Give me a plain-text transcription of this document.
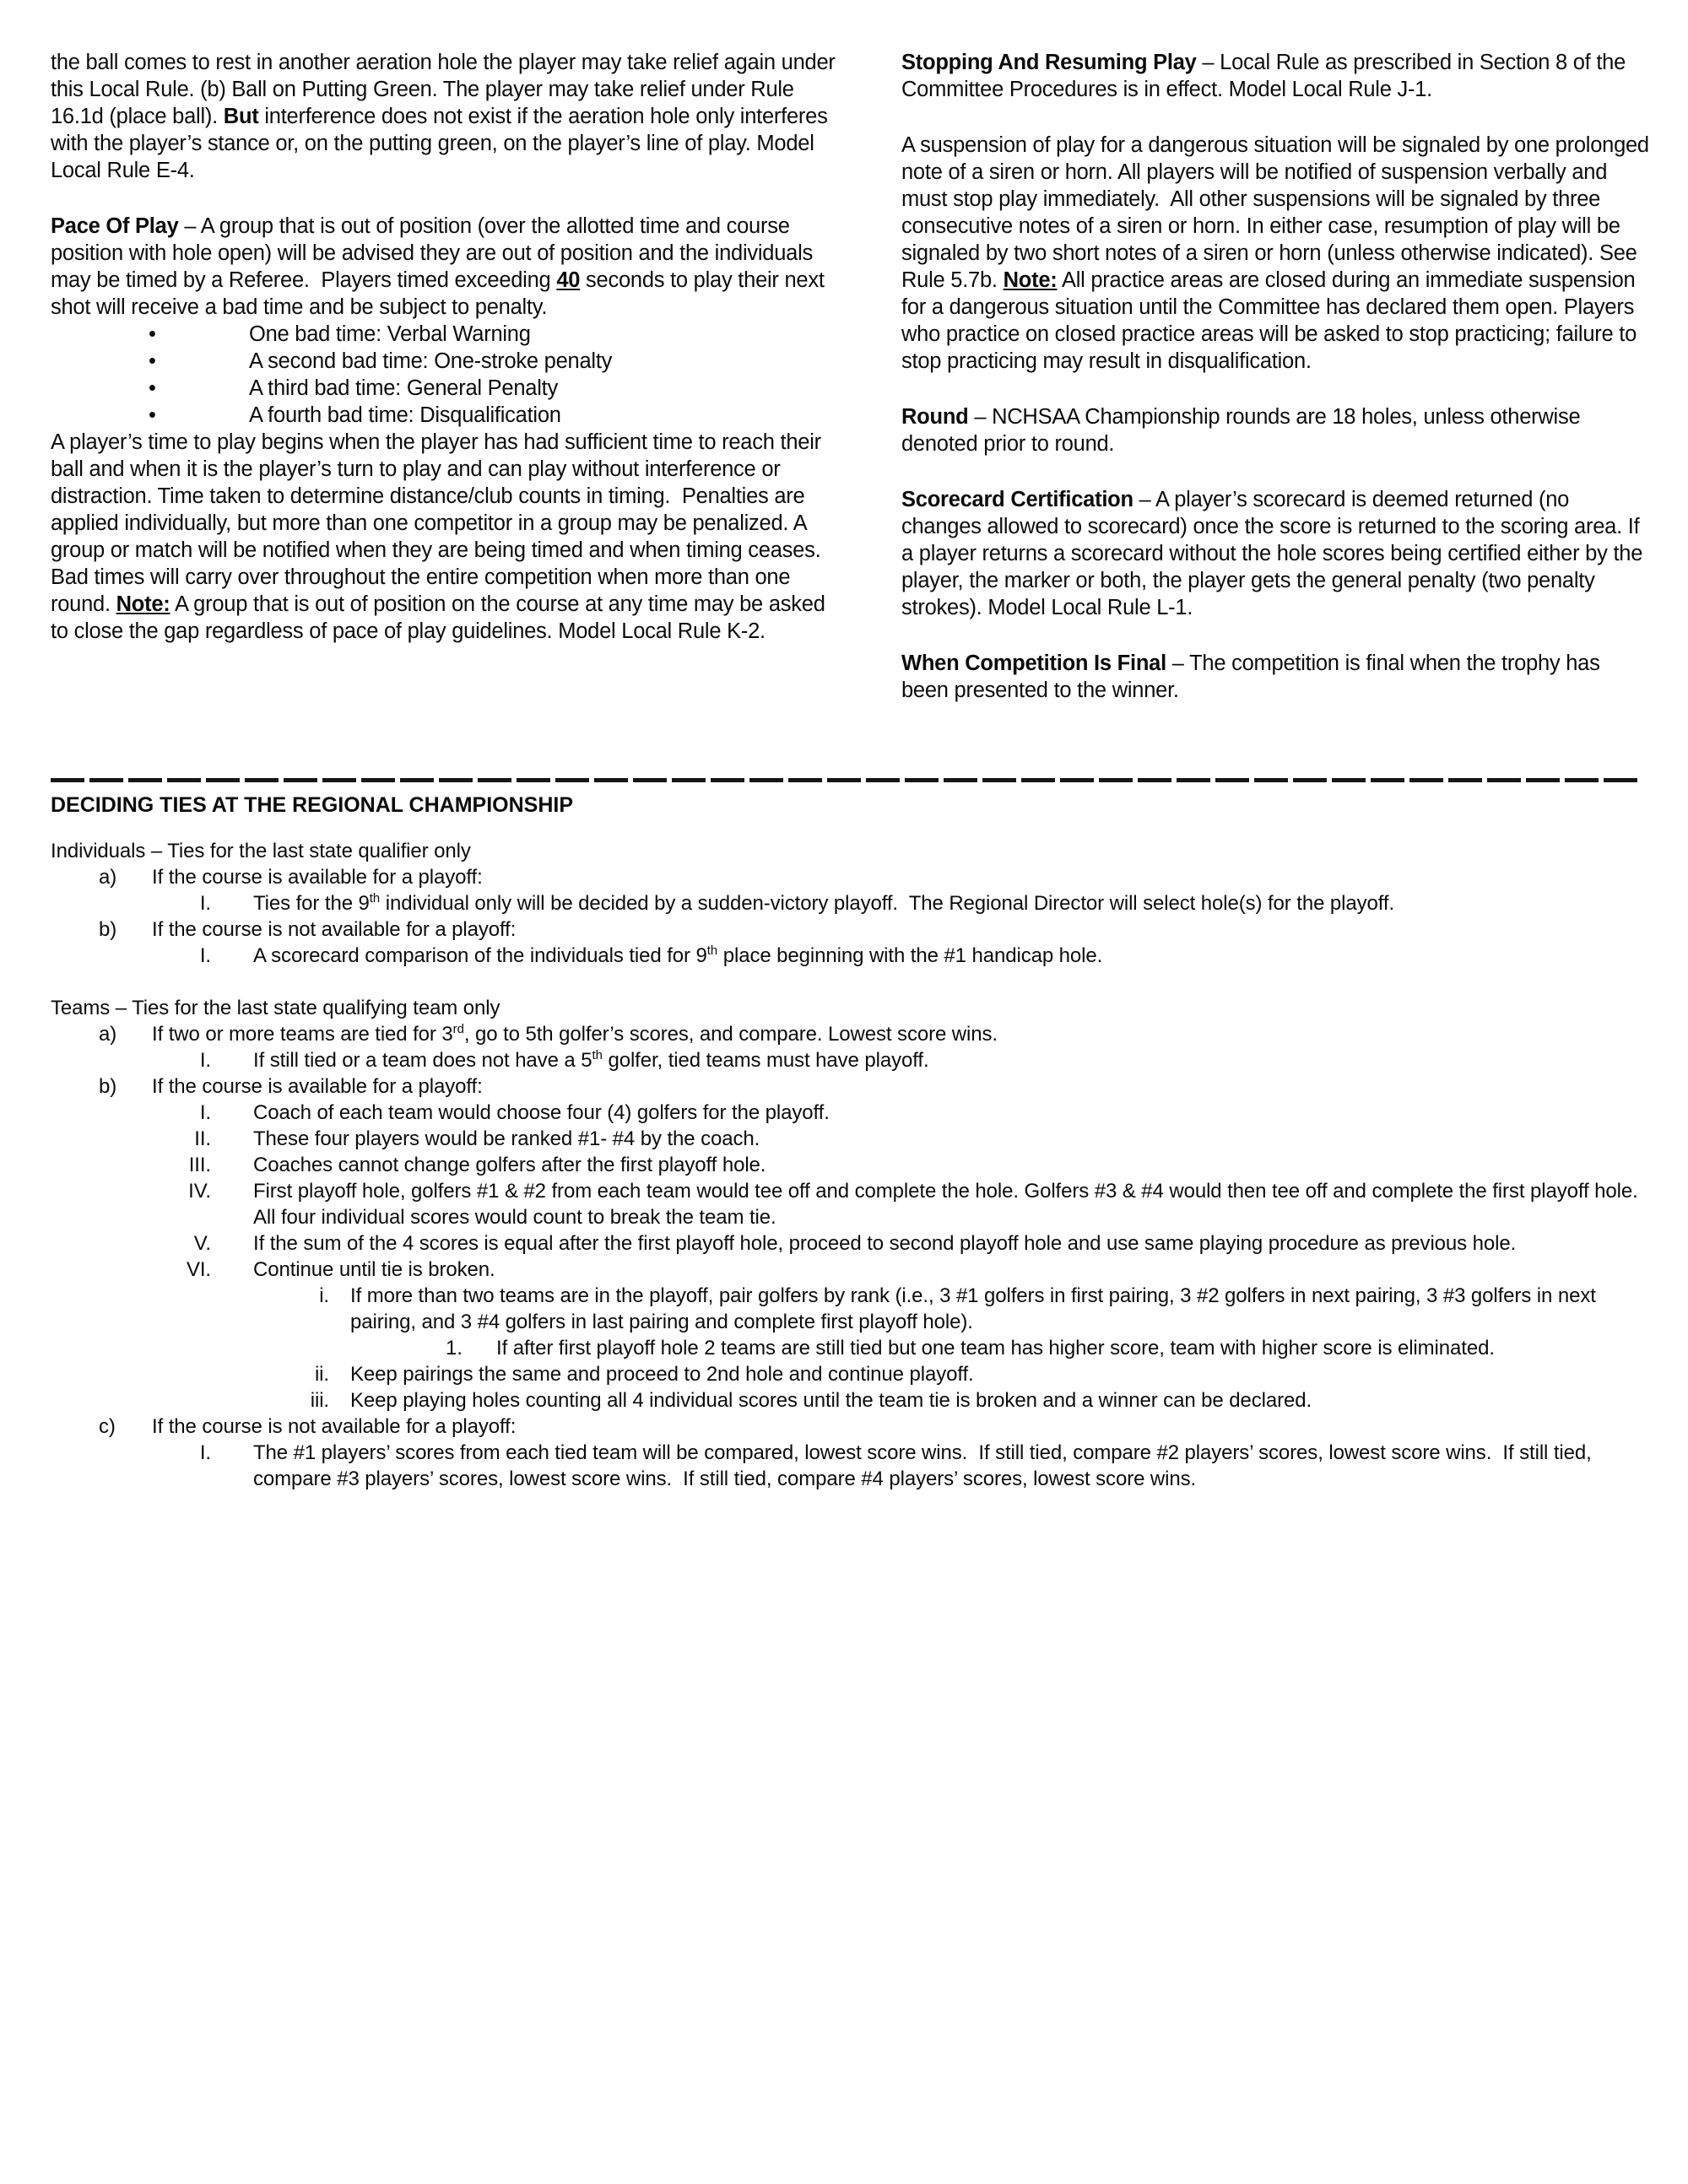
the ball comes to rest in another aeration hole the player may take relief again under this Local Rule. (b) Ball on Putting Green. The player may take relief under Rule 16.1d (place ball). But interference does not exist if the aeration hole only interferes with the player’s stance or, on the putting green, on the player’s line of play. Model Local Rule E-4.
Pace Of Play – A group that is out of position (over the allotted time and course position with hole open) will be advised they are out of position and the individuals may be timed by a Referee.  Players timed exceeding 40 seconds to play their next shot will receive a bad time and be subject to penalty.
•	One bad time: Verbal Warning
•	A second bad time: One-stroke penalty
•	A third bad time: General Penalty
•	A fourth bad time: Disqualification
A player’s time to play begins when the player has had sufficient time to reach their ball and when it is the player’s turn to play and can play without interference or distraction. Time taken to determine distance/club counts in timing.  Penalties are applied individually, but more than one competitor in a group may be penalized. A group or match will be notified when they are being timed and when timing ceases. Bad times will carry over throughout the entire competition when more than one round. Note: A group that is out of position on the course at any time may be asked to close the gap regardless of pace of play guidelines. Model Local Rule K-2.
Stopping And Resuming Play – Local Rule as prescribed in Section 8 of the Committee Procedures is in effect. Model Local Rule J-1.
A suspension of play for a dangerous situation will be signaled by one prolonged note of a siren or horn. All players will be notified of suspension verbally and must stop play immediately.  All other suspensions will be signaled by three consecutive notes of a siren or horn. In either case, resumption of play will be signaled by two short notes of a siren or horn (unless otherwise indicated). See Rule 5.7b. Note: All practice areas are closed during an immediate suspension for a dangerous situation until the Committee has declared them open. Players who practice on closed practice areas will be asked to stop practicing; failure to stop practicing may result in disqualification.
Round – NCHSAA Championship rounds are 18 holes, unless otherwise denoted prior to round.
Scorecard Certification – A player’s scorecard is deemed returned (no changes allowed to scorecard) once the score is returned to the scoring area. If a player returns a scorecard without the hole scores being certified either by the player, the marker or both, the player gets the general penalty (two penalty strokes). Model Local Rule L-1.
When Competition Is Final – The competition is final when the trophy has been presented to the winner.
DECIDING TIES AT THE REGIONAL CHAMPIONSHIP
Individuals – Ties for the last state qualifier only
a) If the course is available for a playoff:
I. Ties for the 9th individual only will be decided by a sudden-victory playoff.  The Regional Director will select hole(s) for the playoff.
b) If the course is not available for a playoff:
I. A scorecard comparison of the individuals tied for 9th place beginning with the #1 handicap hole.
Teams – Ties for the last state qualifying team only
a) If two or more teams are tied for 3rd, go to 5th golfer’s scores, and compare. Lowest score wins.
I. If still tied or a team does not have a 5th golfer, tied teams must have playoff.
b) If the course is available for a playoff:
I. Coach of each team would choose four (4) golfers for the playoff.
II. These four players would be ranked #1- #4 by the coach.
III. Coaches cannot change golfers after the first playoff hole.
IV. First playoff hole, golfers #1 & #2 from each team would tee off and complete the hole. Golfers #3 & #4 would then tee off and complete the first playoff hole. All four individual scores would count to break the team tie.
V. If the sum of the 4 scores is equal after the first playoff hole, proceed to second playoff hole and use same playing procedure as previous hole.
VI. Continue until tie is broken.
i. If more than two teams are in the playoff, pair golfers by rank (i.e., 3 #1 golfers in first pairing, 3 #2 golfers in next pairing, 3 #3 golfers in next pairing, and 3 #4 golfers in last pairing and complete first playoff hole).
1. If after first playoff hole 2 teams are still tied but one team has higher score, team with higher score is eliminated.
ii. Keep pairings the same and proceed to 2nd hole and continue playoff.
iii. Keep playing holes counting all 4 individual scores until the team tie is broken and a winner can be declared.
c) If the course is not available for a playoff:
I. The #1 players’ scores from each tied team will be compared, lowest score wins.  If still tied, compare #2 players’ scores, lowest score wins.  If still tied, compare #3 players’ scores, lowest score wins.  If still tied, compare #4 players’ scores, lowest score wins.
